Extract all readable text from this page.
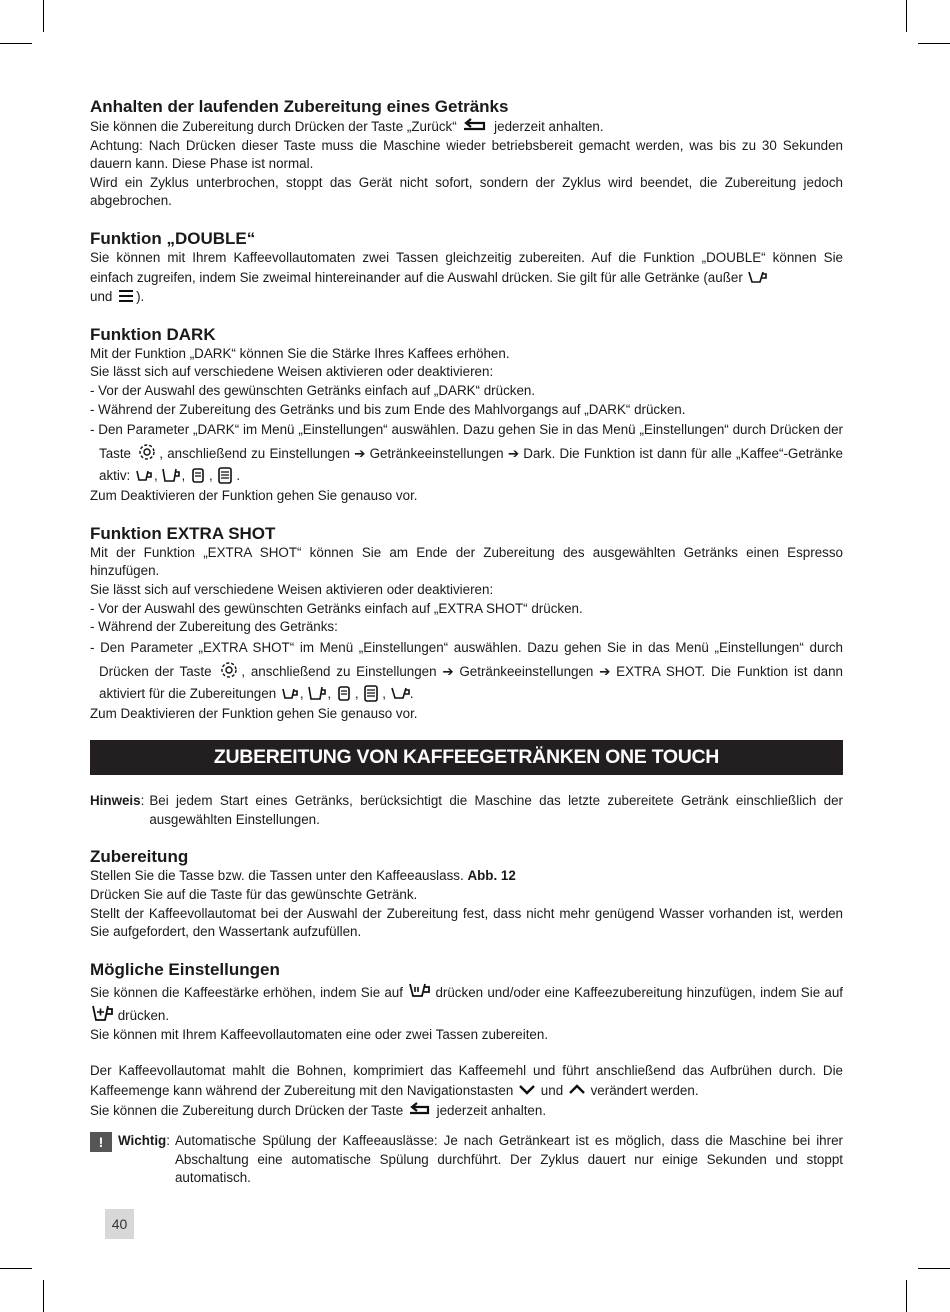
Anhalten der laufenden Zubereitung eines Getränks

Sie können die Zubereitung durch Drücken der Taste „Zurück“	jederzeit anhalten.

Achtung: Nach Drücken dieser Taste muss die Maschine wieder betriebsbereit gemacht werden, was bis zu 30 Sekunden dauern kann. Diese Phase ist normal.

Wird ein Zyklus unterbrochen, stoppt das Gerät nicht sofort, sondern der Zyklus wird beendet, die Zubereitung jedoch abgebrochen.

Funktion „DOUBLE“

Sie können mit Ihrem Kaffeevollautomaten zwei Tassen gleichzeitig zubereiten. Auf die Funktion „DOUBLE“ können Sie einfach zugreifen, indem Sie zweimal hintereinander auf die Auswahl drücken. Sie gilt für alle Getränke (außer

und ).

Funktion DARK

Mit der Funktion „DARK“ können Sie die Stärke Ihres Kaffees erhöhen.

Sie lässt sich auf verschiedene Weisen aktivieren oder deaktivieren:

- Vor der Auswahl des gewünschten Getränks einfach auf „DARK“ drücken.

- Während der Zubereitung des Getränks und bis zum Ende des Mahlvorgangs auf „DARK“ drücken.

- Den Parameter „DARK“ im Menü „Einstellungen“ auswählen. Dazu gehen Sie in das Menü „Einstellungen“ durch Drücken der Taste , anschließend zu Einstellungen ➔ Getränkeeinstellungen ➔ Dark. Die Funktion ist dann für alle „Kaffee“-Getränke aktiv: , , , .

Zum Deaktivieren der Funktion gehen Sie genauso vor.

Funktion EXTRA SHOT

Mit der Funktion „EXTRA SHOT“ können Sie am Ende der Zubereitung des ausgewählten Getränks einen Espresso hinzufügen.

Sie lässt sich auf verschiedene Weisen aktivieren oder deaktivieren:

- Vor der Auswahl des gewünschten Getränks einfach auf „EXTRA SHOT“ drücken.

- Während der Zubereitung des Getränks:

- Den Parameter „EXTRA SHOT“ im Menü „Einstellungen“ auswählen. Dazu gehen Sie in das Menü „Einstellungen“ durch Drücken der Taste , anschließend zu Einstellungen ➔ Getränkeeinstellungen ➔ EXTRA SHOT. Die Funktion ist dann aktiviert für die Zubereitungen , , , , .

Zum Deaktivieren der Funktion gehen Sie genauso vor.

ZUBEREITUNG VON KAFFEEGETRÄNKEN ONE TOUCH

Hinweis : Bei jedem Start eines Getränks, berücksichtigt die Maschine das letzte zubereitete Getränk einschließlich der ausgewählten Einstellungen.

Zubereitung

Stellen Sie die Tasse bzw. die Tassen unter den Kaffeeauslass. Abb. 12

Drücken Sie auf die Taste für das gewünschte Getränk.

Stellt der Kaffeevollautomat bei der Auswahl der Zubereitung fest, dass nicht mehr genügend Wasser vorhanden ist, werden Sie aufgefordert, den Wassertank aufzufüllen.

Mögliche Einstellungen

Sie können die Kaffeestärke erhöhen, indem Sie auf drücken und/oder eine Kaffeezubereitung hinzufügen, indem Sie auf
drücken.

Sie können mit Ihrem Kaffeevollautomaten eine oder zwei Tassen zubereiten.

Der Kaffeevollautomat mahlt die Bohnen, komprimiert das Kaffeemehl und führt anschließend das Aufbrühen durch. Die Kaffeemenge kann während der Zubereitung mit den Navigationstasten und verändert werden.

Sie können die Zubereitung durch Drücken der Taste jederzeit anhalten.

!	Wichtig : Automatische Spülung der Kaffeeauslässe: Je nach Getränkeart ist es möglich, dass die Maschine bei ihrer Abschaltung eine automatische Spülung durchführt. Der Zyklus dauert nur einige Sekunden und stoppt automatisch.
40
